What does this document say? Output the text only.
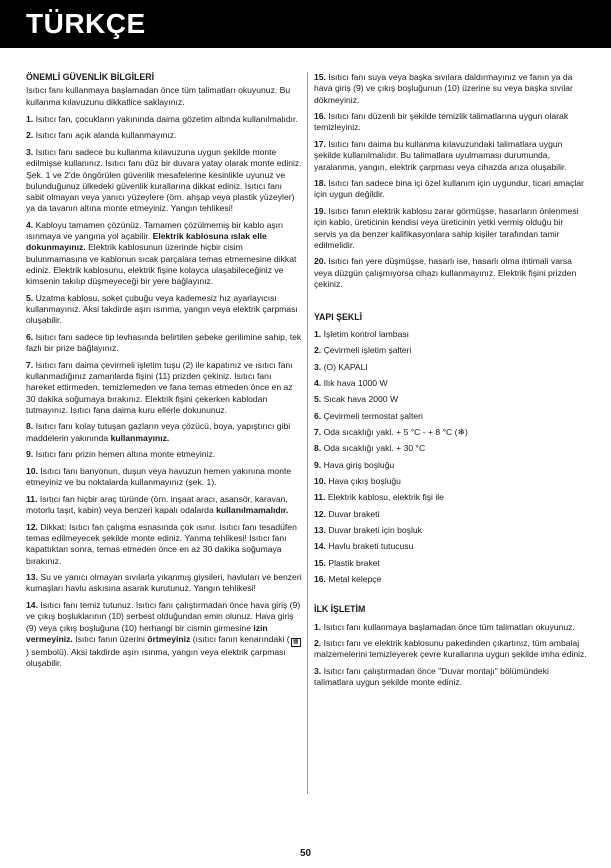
TÜRKÇE
ÖNEMLİ GÜVENLİK BİLGİLERİ
Isıtıcı fanı kullanmaya başlamadan önce tüm talimatları okuyunuz. Bu kullanma kılavuzunu dikkatlice saklayınız.
1. Isıtıcı fan, çocukların yakınında daima gözetim altında kullanılmalıdır.
2. Isıtıcı fanı açık alanda kullanmayınız.
3. Isıtıcı fanı sadece bu kullanma kılavuzuna uygun şekilde monte edilmişse kullanınız. Isıtıcı fanı düz bir duvara yatay olarak monte ediniz. Şek. 1 ve 2'de öngörülen güvenlik mesafelerine kesinlikle uyunuz ve bulunduğunuz ülkedeki güvenlik kurallarına dikkat ediniz. Isıtıcı fanı sabit olmayan veya yanıcı yüzeylere (örn. ahşap veya plastik yüzeyler) ya da tavanın altına monte etmeyiniz. Yangın tehlikesi!
4. Kabloyu tamamen çözünüz. Tamamen çözülmemiş bir kablo aşırı ısınmaya ve yangına yol açabilir. Elektrik kablosuna ıslak elle dokunmayınız. Elektrik kablosunun üzerinde hiçbir cisim bulunmamasına ve kablonun sıcak parçalara temas etmemesine dikkat ediniz. Elektrik kablosunu, elektrik fişine kolayca ulaşabileceğiniz ve kimsenin takılıp düşmeyeceği bir yere bağlayınız.
5. Uzatma kablosu, soket çubuğu veya kademesiz hız ayarlayıcısı kullanmayınız. Aksi takdirde aşırı ısınma, yangın veya elektrik çarpması oluşabilir.
6. Isıtıcı fanı sadece tip levhasında belirtilen şebeke gerilimine sahip, tek fazlı bir prize bağlayınız.
7. Isıtıcı fanı daima çevirmeli işletim tuşu (2) ile kapatınız ve ısıtıcı fanı kullanmadığınız zamanlarda fişini (11) prizden çekiniz. Isıtıcı fanı hareket ettirmeden, temizlemeden ve fana temas etmeden önce en az 30 dakika soğumaya bırakınız. Elektrik fişini çekerken kablodan tutmayınız. Isıtıcı fana daima kuru ellerle dokununuz.
8. Isıtıcı fanı kolay tutuşan gazların veya çözücü, boya, yapıştırıcı gibi maddelerin yakınında kullanmayınız.
9. Isıtıcı fanı prizin hemen altına monte etmeyiniz.
10. Isıtıcı fanı banyonun, duşun veya havuzun hemen yakınına monte etmeyiniz ve bu noktalarda kullanmayınız (şek. 1).
11. Isıtıcı fan hiçbir araç türünde (örn. inşaat aracı, asansör, karavan, motorlu taşıt, kabin) veya benzeri kapalı odalarda kullanılmamalıdır.
12. Dikkat: Isıtıcı fan çalışma esnasında çok ısınır. Isıtıcı fanı tesadüfen temas edilmeyecek şekilde monte ediniz. Yanma tehlikesi! Isıtıcı fanı kapattıktan sonra, temas etmeden önce en az 30 dakika soğumaya bırakınız.
13. Su ve yanıcı olmayan sıvılarla yıkanmış giysileri, havluları ve benzeri kumaşları havlu askısına asarak kurutunuz. Yangın tehlikesi!
14. Isıtıcı fanı temiz tutunuz. Isıtıcı fanı çalıştırmadan önce hava giriş (9) ve çıkış boşluklarının (10) serbest olduğundan emin olunuz. Hava giriş (9) veya çıkış boşluğuna (10) herhangi bir cismin girmesine izin vermeyiniz. Isıtıcı fanın üzerini örtmeyiniz (ısıtıcı fanın kenarındaki ( ▦) sembolü). Aksi takdirde aşırı ısınma, yangın veya elektrik çarpması oluşabilir.
15. Isıtıcı fanı suya veya başka sıvılara daldırmayınız ve fanın ya da hava giriş (9) ve çıkış boşluğunun (10) üzerine su veya başka sıvılar dökmeyiniz.
16. Isıtıcı fanı düzenli bir şekilde temizlik talimatlarına uygun olarak temizleyiniz.
17. Isıtıcı fanı daima bu kullanma kılavuzundaki talimatlara uygun şekilde kullanılmalıdır. Bu talimatlara uyulmaması durumunda, yaralanma, yangın, elektrik çarpması veya cihazda arıza oluşabilir.
18. Isıtıcı fan sadece bina içi özel kullanım için uygundur, ticari amaçlar için uygun değildir.
19. Isıtıcı fanın elektrik kablosu zarar görmüşse, hasarların önlenmesi için kablo, üreticinin kendisi veya üreticinin yetki vermiş olduğu bir servis ya da benzer kalifikasyonlara sahip kişiler tarafından tamir edilmelidir.
20. Isıtıcı fan yere düşmüşse, hasarlı ise, hasarlı olma ihtimali varsa veya düzgün çalışmıyorsa cihazı kullanmayınız. Elektrik fişini prizden çekiniz.
YAPI ŞEKLİ
1. İşletim kontrol lambası
2. Çevirmeli işletim şalteri
3. (O) KAPALI
4. Ilık hava 1000 W
5. Sıcak hava 2000 W
6. Çevirmeli termostat şalteri
7. Oda sıcaklığı yakl. + 5 °C - + 8 °C (❄)
8. Oda sıcaklığı yakl. + 30 °C
9. Hava giriş boşluğu
10. Hava çıkış boşluğu
11. Elektrik kablosu, elektrik fişi ile
12. Duvar braketi
13. Duvar braketi için boşluk
14. Havlu braketi tutucusu
15. Plastik braket
16. Metal kelepçe
İLK İŞLETİM
1. Isıtıcı fanı kullanmaya başlamadan önce tüm talimatları okuyunuz.
2. Isıtıcı fanı ve elektrik kablosunu pakedinden çıkartınız, tüm ambalaj malzemelerini temizleyerek çevre kurallarına uygun şekilde imha ediniz.
3. Isıtıcı fanı çalıştırmadan önce "Duvar montajı" bölümündeki talimatlara uygun şekilde monte ediniz.
50
